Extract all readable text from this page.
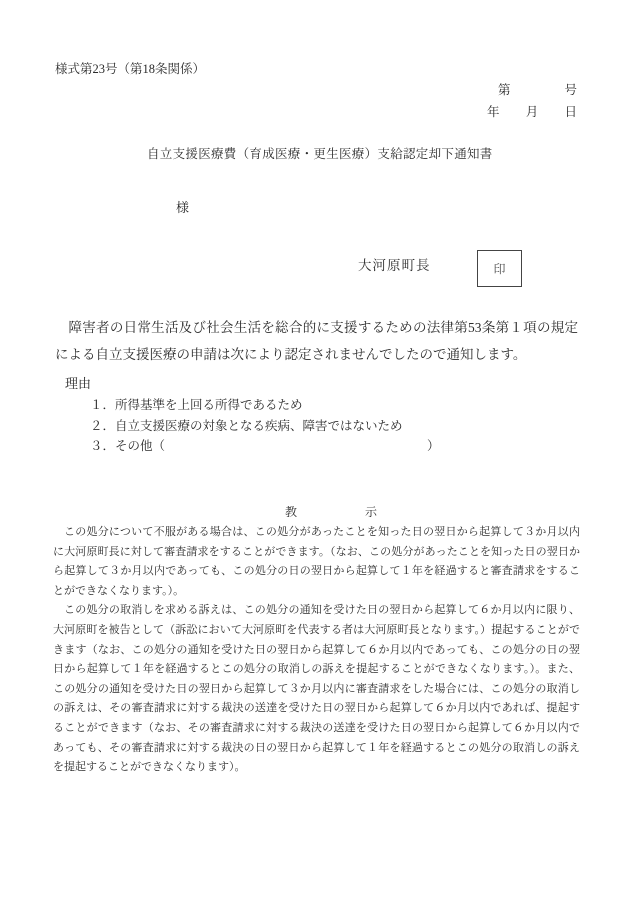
様式第23号（第18条関係）
第	号
年 月 日
自立支援医療費（育成医療・更生医療）支給認定却下通知書
様
大河原町長	印
障害者の日常生活及び社会生活を総合的に支援するための法律第53条第１項の規定による自立支援医療の申請は次により認定されませんでしたので通知します。
理由
１．所得基準を上回る所得であるため
２．自立支援医療の対象となる疾病、障害ではないため
３．その他（	）
教	示

この処分について不服がある場合は、この処分があったことを知った日の翌日から起算して３か月以内に大河原町長に対して審査請求をすることができます。（なお、この処分があったことを知った日の翌日から起算して３か月以内であっても、この処分の日の翌日から起算して１年を経過すると審査請求をすることができなくなります。）。

この処分の取消しを求める訴えは、この処分の通知を受けた日の翌日から起算して６か月以内に限り、大河原町を被告として（訴訟において大河原町を代表する者は大河原町長となります。）提起することができます（なお、この処分の通知を受けた日の翌日から起算して６か月以内であっても、この処分の日の翌日から起算して１年を経過するとこの処分の取消しの訴えを提起することができなくなります。）。また、この処分の通知を受けた日の翌日から起算して３か月以内に審査請求をした場合には、この処分の取消しの訴えは、その審査請求に対する裁決の送達を受けた日の翌日から起算して６か月以内であれば、提起することができます（なお、その審査請求に対する裁決の送達を受けた日の翌日から起算して６か月以内であっても、その審査請求に対する裁決の日の翌日から起算して１年を経過するとこの処分の取消しの訴えを提起することができなくなります）。
